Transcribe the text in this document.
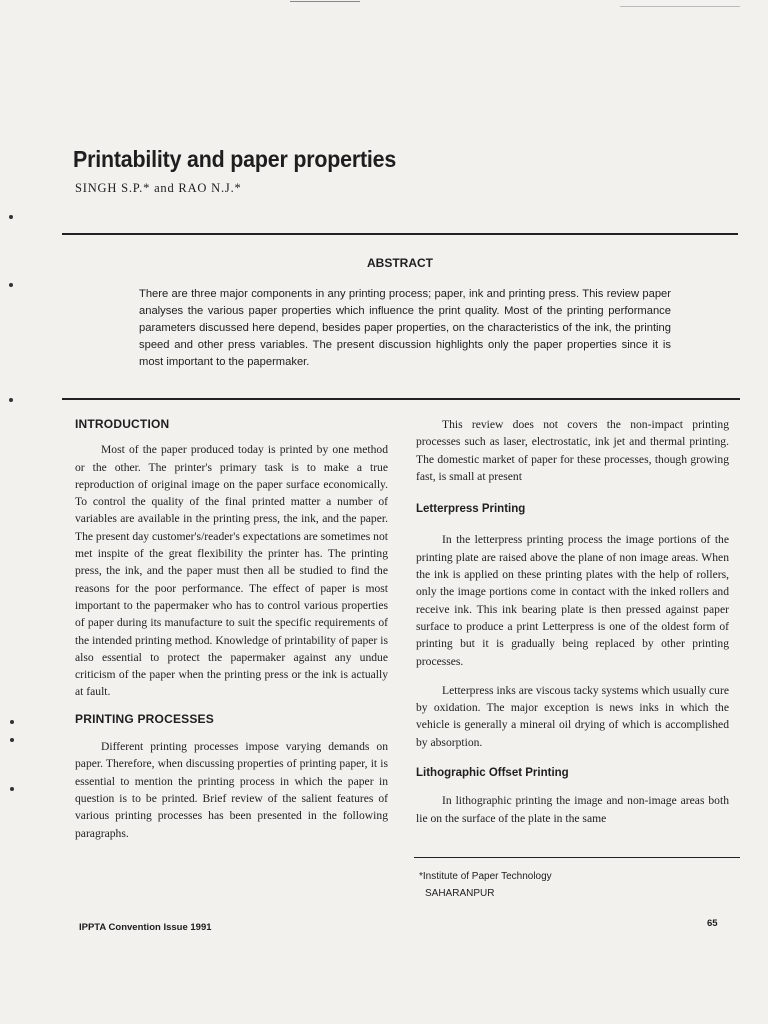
Printability and paper properties
SINGH S.P.* and RAO N.J.*
ABSTRACT
There are three major components in any printing process; paper, ink and printing press. This review paper analyses the various paper properties which influence the print quality. Most of the printing performance parameters discussed here depend, besides paper properties, on the characteristics of the ink, the printing speed and other press variables. The present discussion highlights only the paper properties since it is most important to the papermaker.
INTRODUCTION

Most of the paper produced today is printed by one method or the other. The printer's primary task is to make a true reproduction of original image on the paper surface economically. To control the quality of the final printed matter a number of variables are available in the printing press, the ink, and the paper. The present day customer's/reader's expectations are sometimes not met inspite of the great flexibility the printer has. The printing press, the ink, and the paper must then all be studied to find the reasons for the poor performance. The effect of paper is most important to the papermaker who has to control various properties of paper during its manufacture to suit the specific requirements of the intended printing method. Knowledge of printability of paper is also essential to protect the papermaker against any undue criticism of the paper when the printing press or the ink is actually at fault.

PRINTING PROCESSES

Different printing processes impose varying demands on paper. Therefore, when discussing properties of printing paper, it is essential to mention the printing process in which the paper in question is to be printed. Brief review of the salient features of various printing processes has been presented in the following paragraphs.

This review does not covers the non-impact printing processes such as laser, electrostatic, ink jet and thermal printing. The domestic market of paper for these processes, though growing fast, is small at present

Letterpress Printing

In the letterpress printing process the image portions of the printing plate are raised above the plane of non image areas. When the ink is applied on these printing plates with the help of rollers, only the image portions come in contact with the inked rollers and receive ink. This ink bearing plate is then pressed against paper surface to produce a print Letterpress is one of the oldest form of printing but it is gradually being replaced by other printing processes.

Letterpress inks are viscous tacky systems which usually cure by oxidation. The major exception is news inks in which the vehicle is generally a mineral oil drying of which is accomplished by absorption.

Lithographic Offset Printing

In lithographic printing the image and non-image areas both lie on the surface of the plate in the same

*Institute of Paper Technology
SAHARANPUR
IPPTA Convention Issue 1991	65
